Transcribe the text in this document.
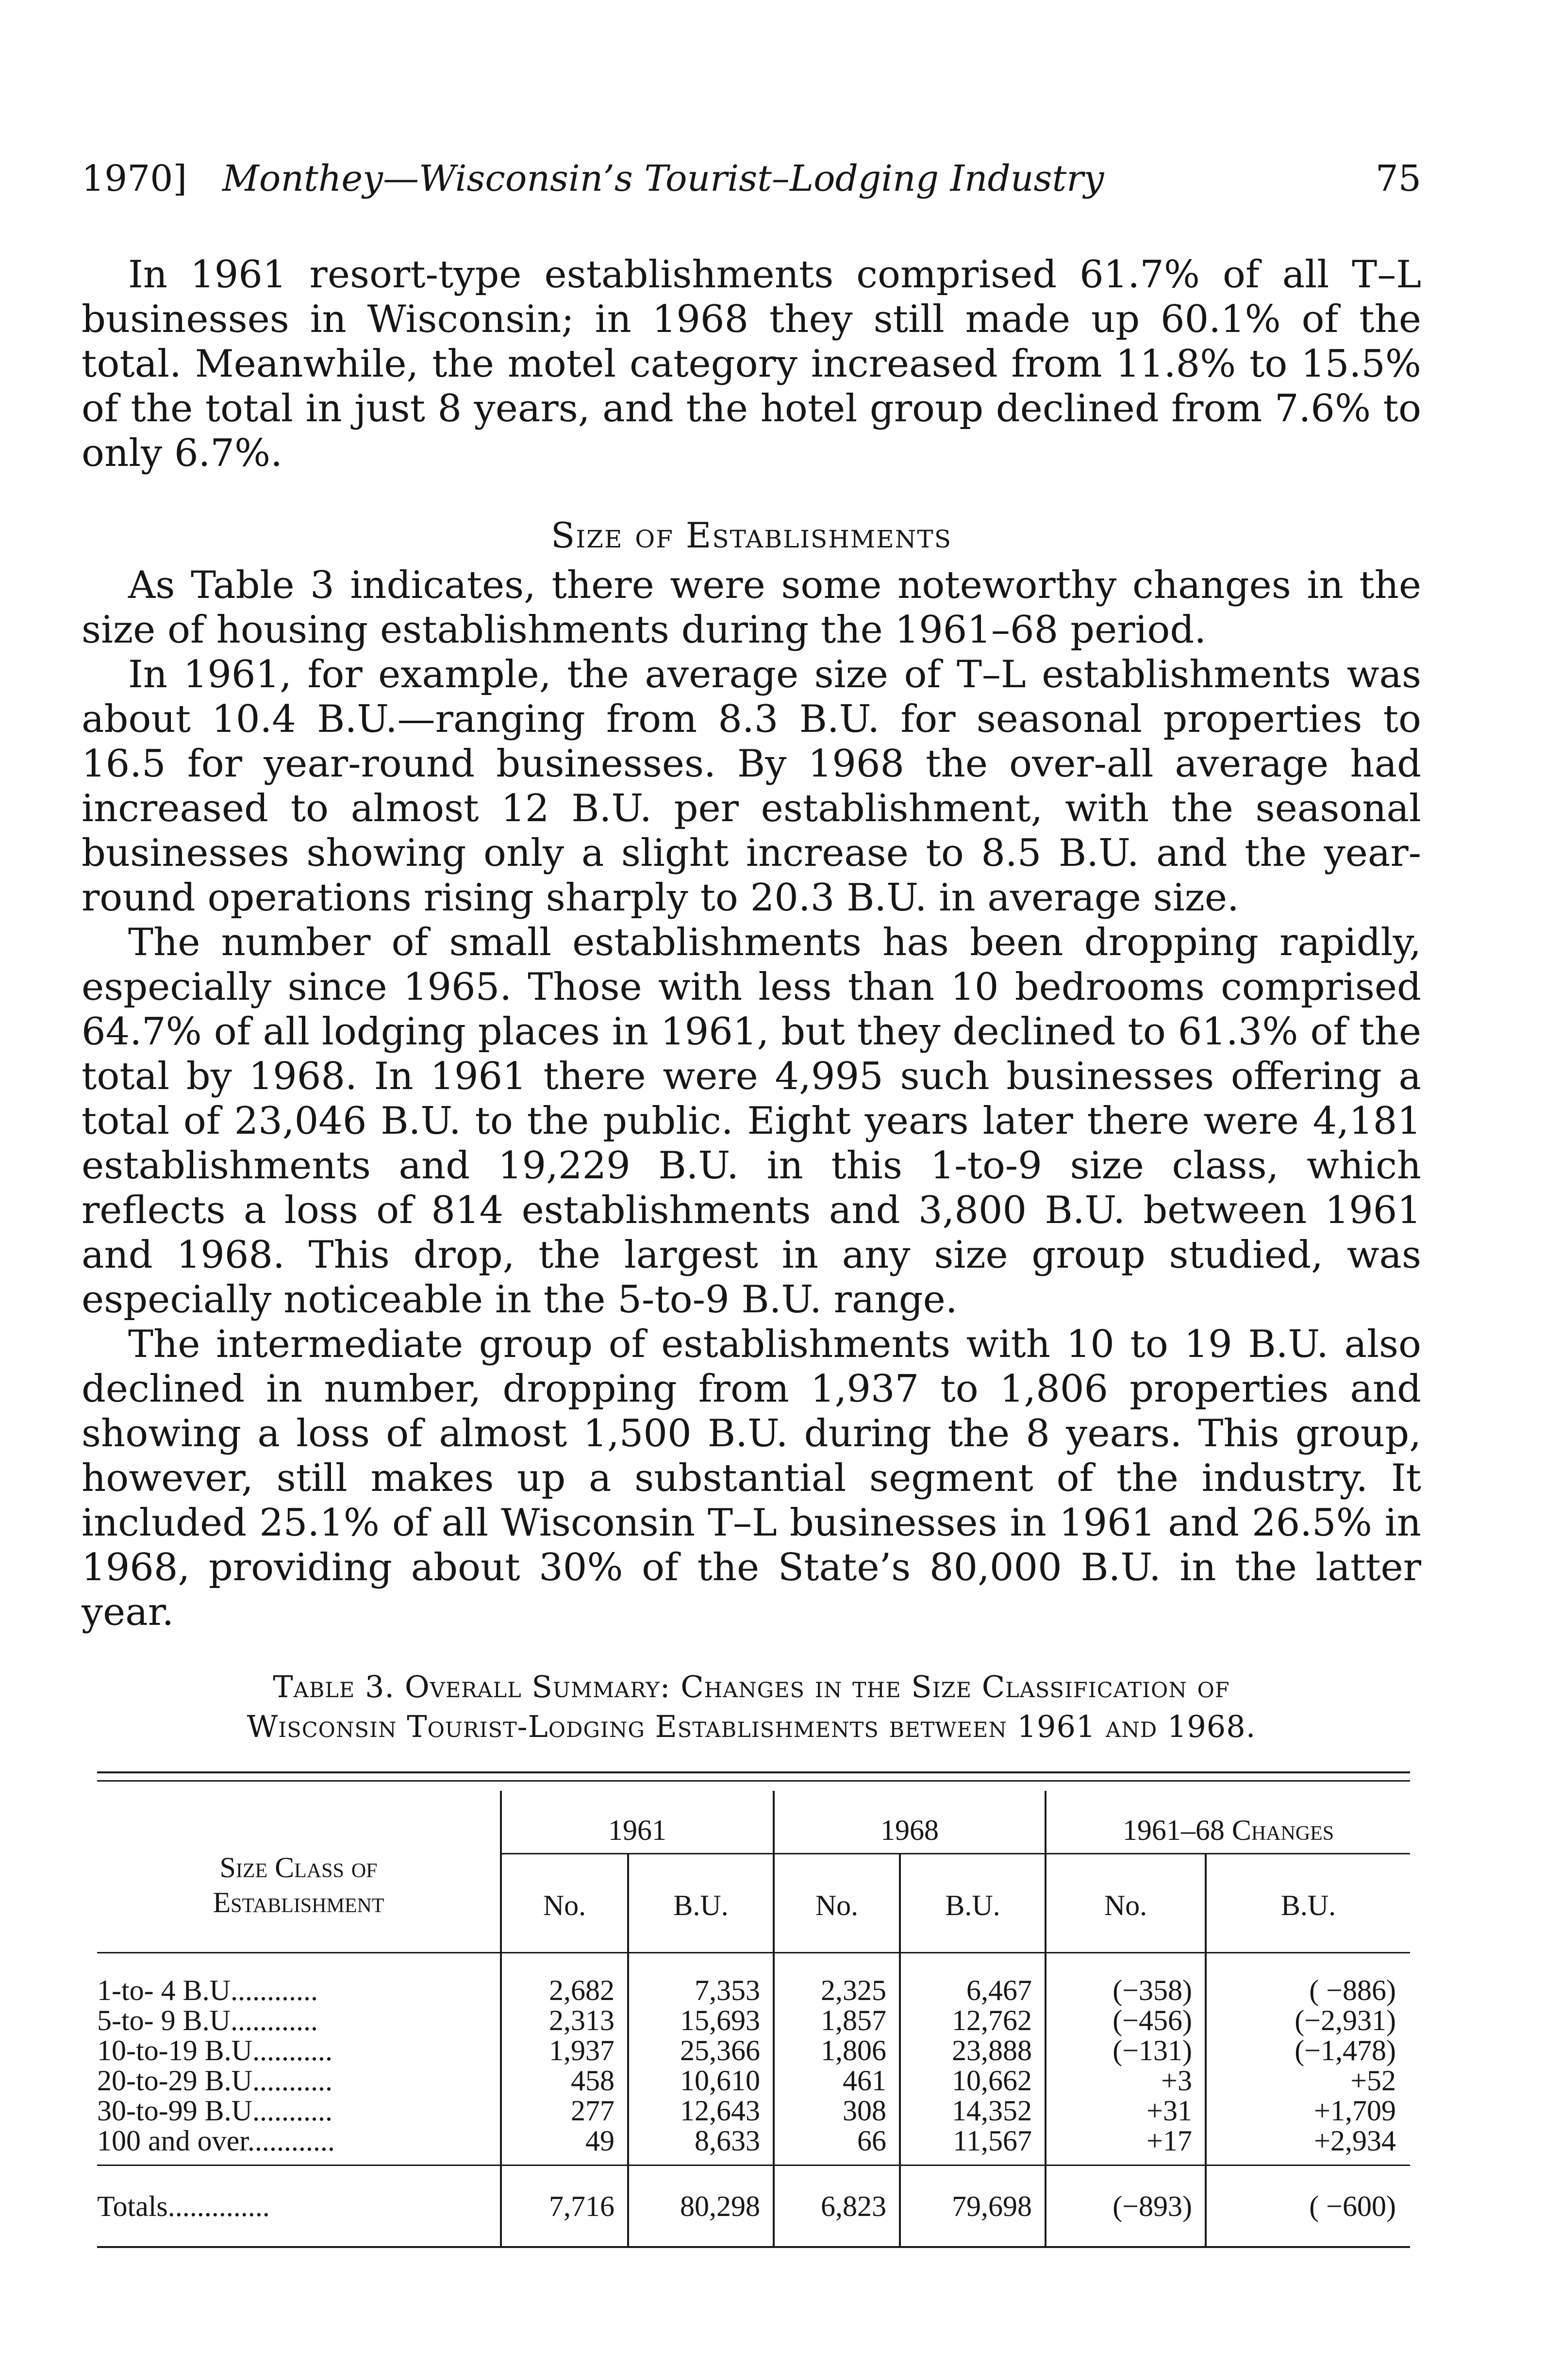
1970] Monthey—Wisconsin’s Tourist–Lodging Industry	75

In 1961 resort-type establishments comprised 61.7% of all T–L businesses in Wisconsin; in 1968 they still made up 60.1% of the total. Meanwhile, the motel category increased from 11.8% to 15.5% of the total in just 8 years, and the hotel group declined from 7.6% to only 6.7%.

Size of Establishments

As Table 3 indicates, there were some noteworthy changes in the size of housing establishments during the 1961–68 period.

In 1961, for example, the average size of T–L establishments was about 10.4 B.U.—ranging from 8.3 B.U. for seasonal properties to 16.5 for year-round businesses. By 1968 the over-all average had increased to almost 12 B.U. per establishment, with the seasonal businesses showing only a slight increase to 8.5 B.U. and the year-round operations rising sharply to 20.3 B.U. in average size.

The number of small establishments has been dropping rapidly, especially since 1965. Those with less than 10 bedrooms comprised 64.7% of all lodging places in 1961, but they declined to 61.3% of the total by 1968. In 1961 there were 4,995 such businesses offering a total of 23,046 B.U. to the public. Eight years later there were 4,181 establishments and 19,229 B.U. in this 1-to-9 size class, which reflects a loss of 814 establishments and 3,800 B.U. between 1961 and 1968. This drop, the largest in any size group studied, was especially noticeable in the 5-to-9 B.U. range.

The intermediate group of establishments with 10 to 19 B.U. also declined in number, dropping from 1,937 to 1,806 properties and showing a loss of almost 1,500 B.U. during the 8 years. This group, however, still makes up a substantial segment of the industry. It included 25.1% of all Wisconsin T–L businesses in 1961 and 26.5% in 1968, providing about 30% of the State’s 80,000 B.U. in the latter year.

Table 3. Overall Summary: Changes in the Size Classification of
Wisconsin Tourist-Lodging Establishments between 1961 and 1968.
Size Class of
Establishment
1961	1968	1961–68 Changes
No.	B.U.	No.	B.U.	No.	B.U.
1-to- 4 B.U............	2,682	7,353	2,325	6,467	(−358)	( −886)
5-to- 9 B.U............	2,313	15,693	1,857	12,762	(−456)	(−2,931)
10-to-19 B.U...........	1,937	25,366	1,806	23,888	(−131)	(−1,478)
20-to-29 B.U...........	458	10,610	461	10,662	+3	+52
30-to-99 B.U...........	277	12,643	308	14,352	+31	+1,709
100 and over............	49	8,633	66	11,567	+17	+2,934
Totals..............	7,716	80,298	6,823	79,698	(−893)	( −600)
